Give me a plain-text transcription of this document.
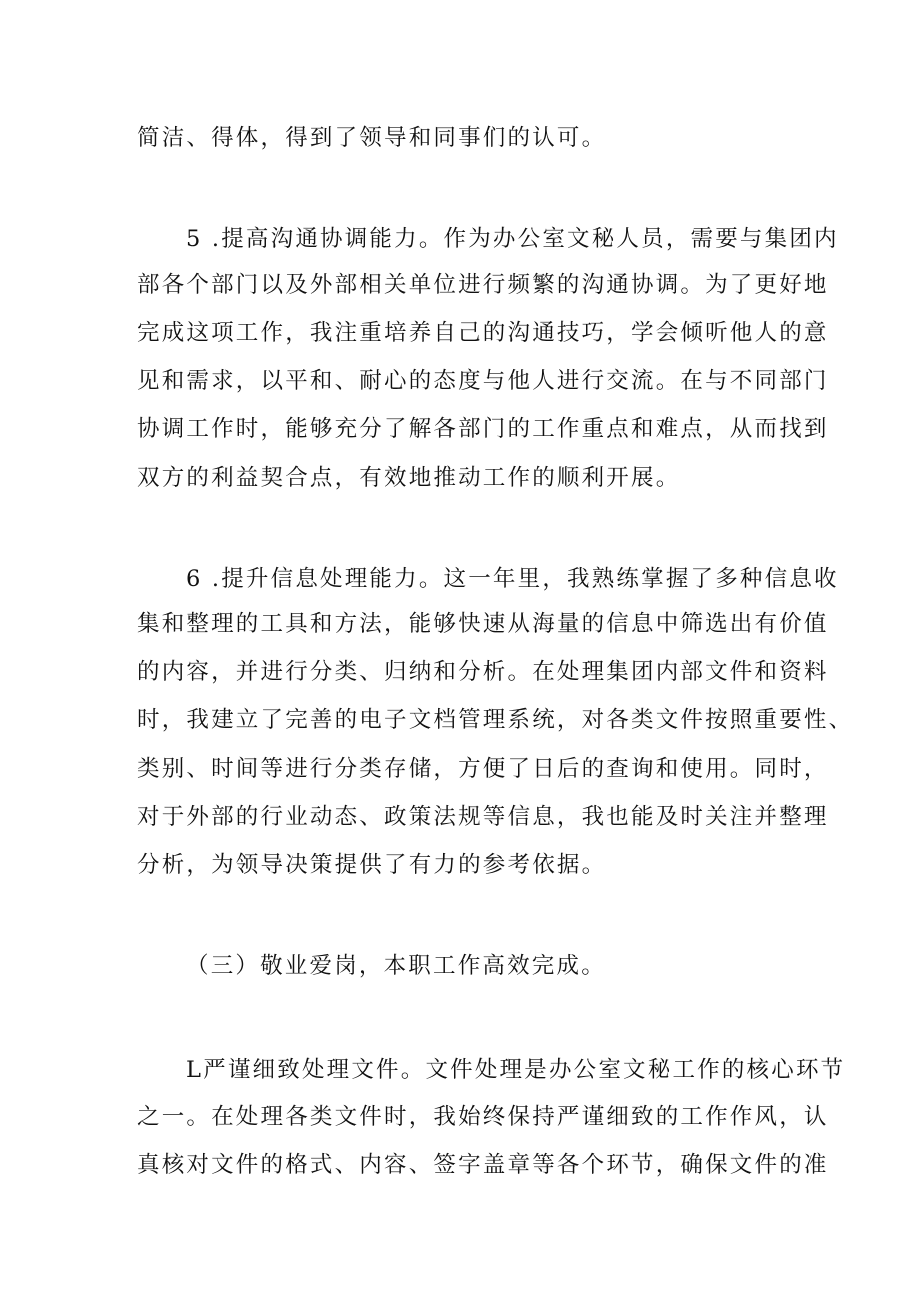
简洁、得体，得到了领导和同事们的认可。
5 .提高沟通协调能力。作为办公室文秘人员，需要与集团内
部各个部门以及外部相关单位进行频繁的沟通协调。为了更好地
完成这项工作，我注重培养自己的沟通技巧，学会倾听他人的意
见和需求，以平和、耐心的态度与他人进行交流。在与不同部门
协调工作时，能够充分了解各部门的工作重点和难点，从而找到
双方的利益契合点，有效地推动工作的顺利开展。
6 .提升信息处理能力。这一年里，我熟练掌握了多种信息收
集和整理的工具和方法，能够快速从海量的信息中筛选出有价值
的内容，并进行分类、归纳和分析。在处理集团内部文件和资料
时，我建立了完善的电子文档管理系统，对各类文件按照重要性、
类别、时间等进行分类存储，方便了日后的查询和使用。同时，
对于外部的行业动态、政策法规等信息，我也能及时关注并整理
分析，为领导决策提供了有力的参考依据。
（三）敬业爱岗，本职工作高效完成。
L严谨细致处理文件。文件处理是办公室文秘工作的核心环节
之一。在处理各类文件时，我始终保持严谨细致的工作作风，认
真核对文件的格式、内容、签字盖章等各个环节，确保文件的准
